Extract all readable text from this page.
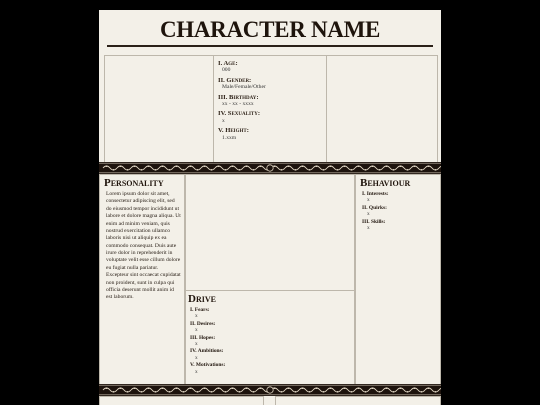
CHARACTER NAME
I. Age:
000
II. Gender:
Male/Female/Other
III. Birthday:
xx - xx - xxxx
IV. Sexuality:
x
V. Height:
1.xxm
Personality
Lorem ipsum dolor sit amet, consectetur adipiscing elit, sed do eiusmod tempor incididunt ut labore et dolore magna aliqua. Ut enim ad minim veniam, quis nostrud exercitation ullamco laboris nisi ut aliquip ex ea commodo consequat. Duis aute irure dolor in reprehenderit in voluptate velit esse cillum dolore eu fugiat nulla pariatur. Excepteur sint occaecat cupidatat non proident, sunt in culpa qui officia deserunt mollit anim id est laborum.	Drive
I. Fears:
x
II. Desires:
x
III. Hopes:
x
IV. Ambitions:
x
V. Motivations:
x
Behaviour
I. Interests:
x
II. Quirks:
x
III. Skills:
x
